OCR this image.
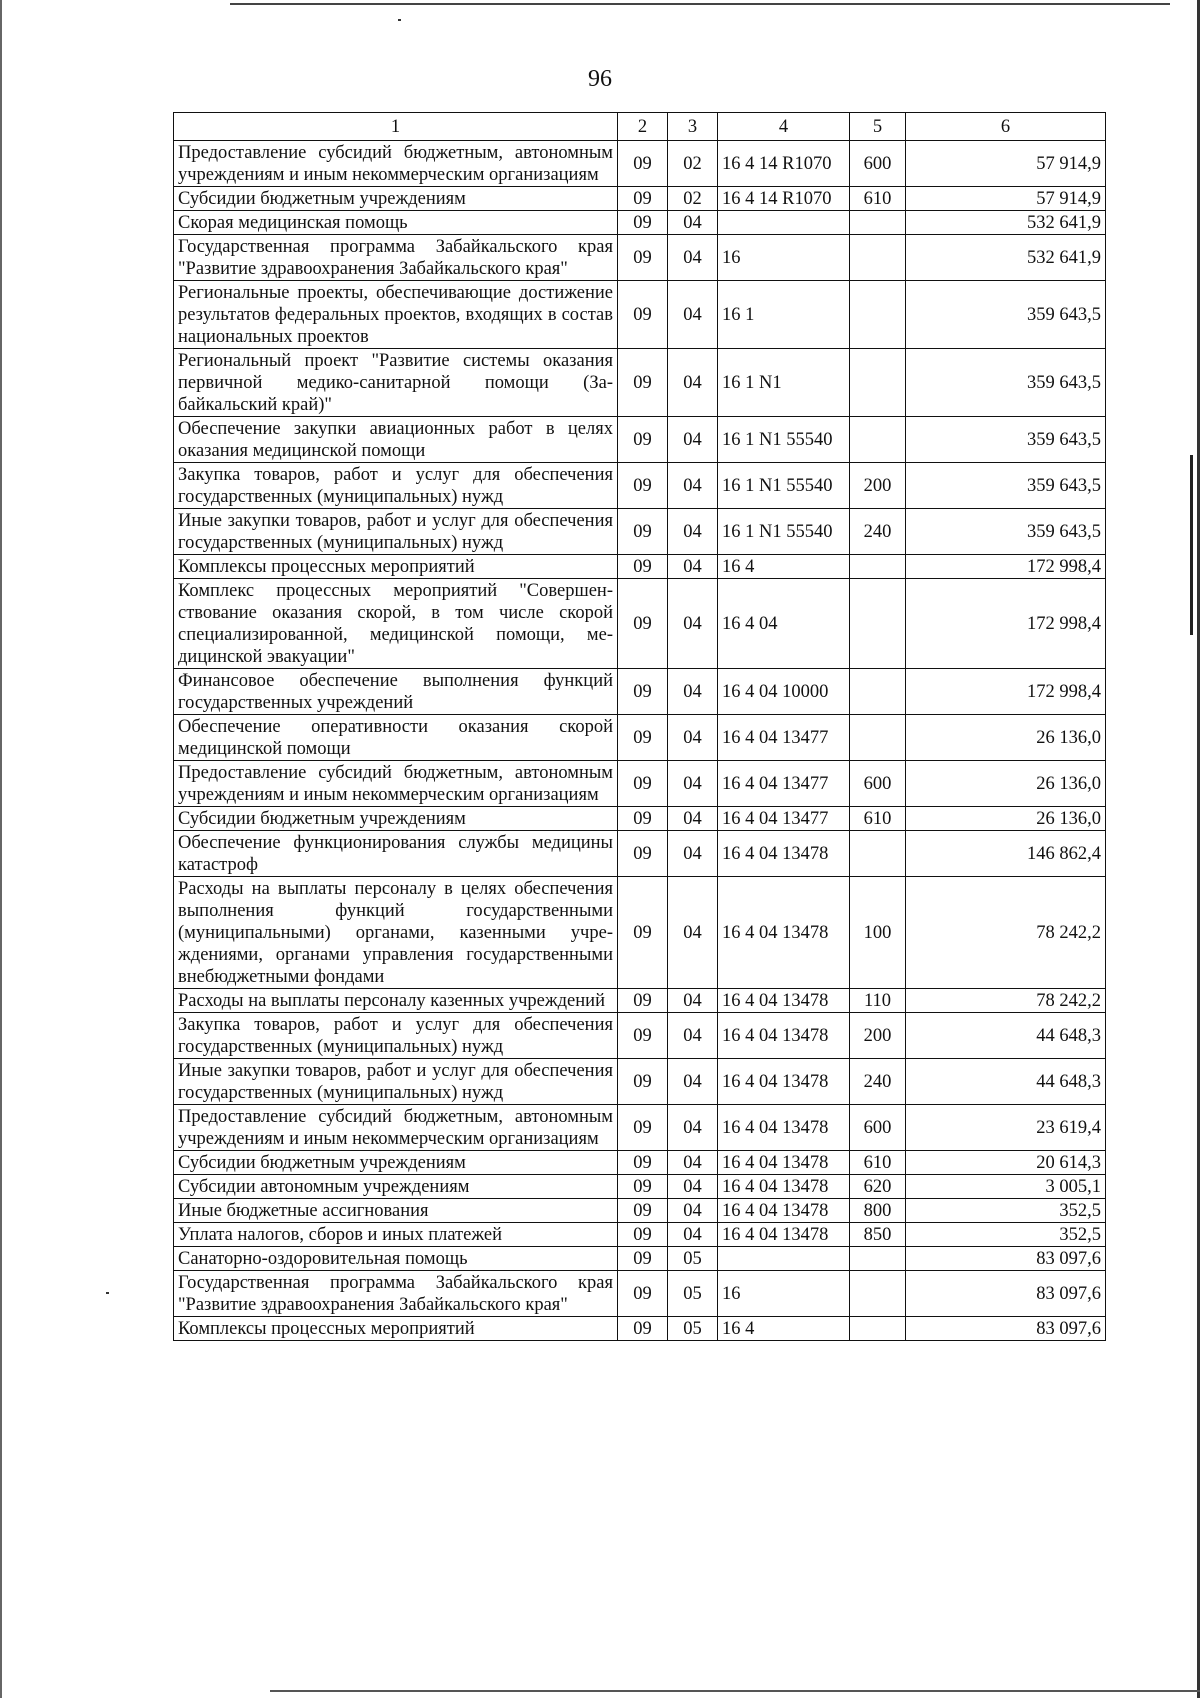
96
1	2	3	4	5	6
Предоставление субсидий бюджетным, автономным учреждениям и иным некоммерческим организациям	09	02	16 4 14 R1070	600	57 914,9
Субсидии бюджетным учреждениям	09	02	16 4 14 R1070	610	57 914,9
Скорая медицинская помощь	09	04			532 641,9
Государственная программа Забайкальского края "Развитие здравоохранения Забайкальского края"	09	04	16		532 641,9
Региональные проекты, обеспечивающие достижение результатов федеральных проектов, входящих в состав национальных проектов	09	04	16 1		359 643,5
Региональный проект "Развитие системы оказания первичной медико-санитарной помощи (Забайкальский край)"	09	04	16 1 N1		359 643,5
Обеспечение закупки авиационных работ в целях оказания медицинской помощи	09	04	16 1 N1 55540		359 643,5
Закупка товаров, работ и услуг для обеспечения государственных (муниципальных) нужд	09	04	16 1 N1 55540	200	359 643,5
Иные закупки товаров, работ и услуг для обеспечения государственных (муниципальных) нужд	09	04	16 1 N1 55540	240	359 643,5
Комплексы процессных мероприятий	09	04	16 4		172 998,4
Комплекс процессных мероприятий "Совершенствование оказания скорой, в том числе скорой специализированной, медицинской помощи, медицинской эвакуации"	09	04	16 4 04		172 998,4
Финансовое обеспечение выполнения функций государственных учреждений	09	04	16 4 04 10000		172 998,4
Обеспечение оперативности оказания скорой медицинской помощи	09	04	16 4 04 13477		26 136,0
Предоставление субсидий бюджетным, автономным учреждениям и иным некоммерческим организациям	09	04	16 4 04 13477	600	26 136,0
Субсидии бюджетным учреждениям	09	04	16 4 04 13477	610	26 136,0
Обеспечение функционирования службы медицины катастроф	09	04	16 4 04 13478		146 862,4
Расходы на выплаты персоналу в целях обеспечения выполнения функций государственными (муниципальными) органами, казенными учреждениями, органами управления государственными внебюджетными фондами	09	04	16 4 04 13478	100	78 242,2
Расходы на выплаты персоналу казенных учреждений	09	04	16 4 04 13478	110	78 242,2
Закупка товаров, работ и услуг для обеспечения государственных (муниципальных) нужд	09	04	16 4 04 13478	200	44 648,3
Иные закупки товаров, работ и услуг для обеспечения государственных (муниципальных) нужд	09	04	16 4 04 13478	240	44 648,3
Предоставление субсидий бюджетным, автономным учреждениям и иным некоммерческим организациям	09	04	16 4 04 13478	600	23 619,4
Субсидии бюджетным учреждениям	09	04	16 4 04 13478	610	20 614,3
Субсидии автономным учреждениям	09	04	16 4 04 13478	620	3 005,1
Иные бюджетные ассигнования	09	04	16 4 04 13478	800	352,5
Уплата налогов, сборов и иных платежей	09	04	16 4 04 13478	850	352,5
Санаторно-оздоровительная помощь	09	05			83 097,6
Государственная программа Забайкальского края "Развитие здравоохранения Забайкальского края"	09	05	16		83 097,6
Комплексы процессных мероприятий	09	05	16 4		83 097,6
